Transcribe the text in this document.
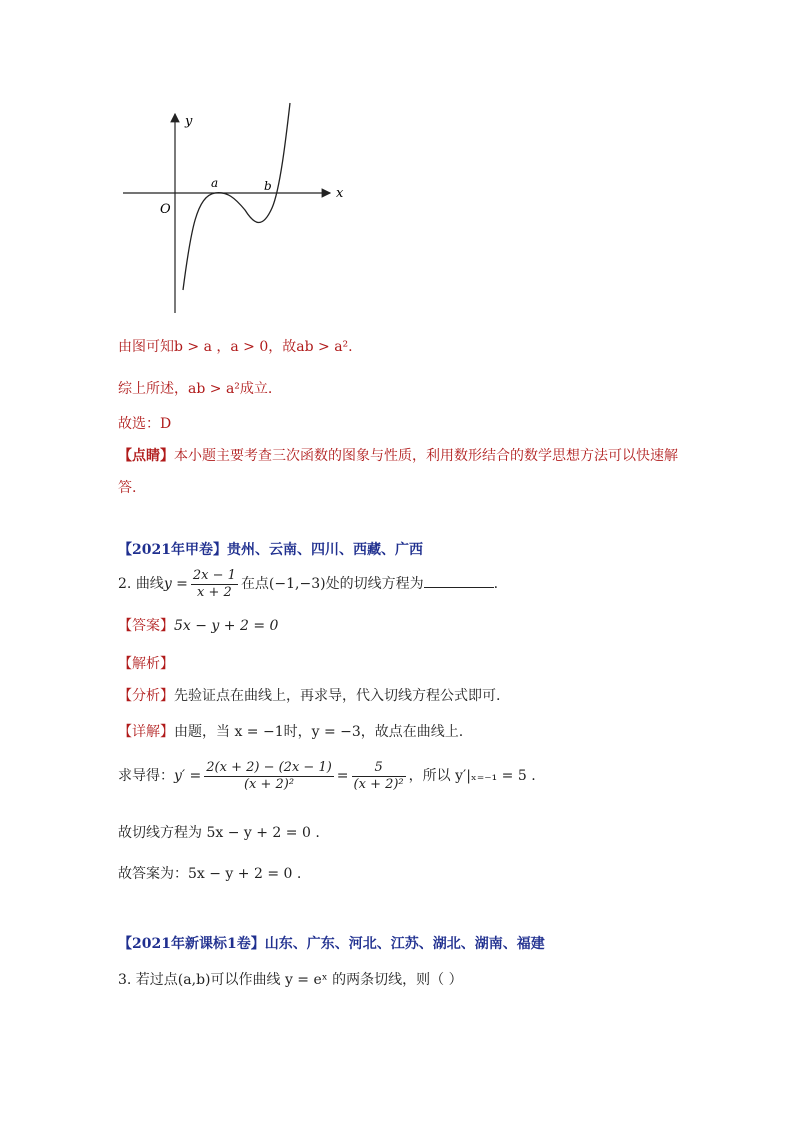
y
x
O
a	b
由图可知b > a ，a > 0，故ab > a².
综上所述，ab > a²成立.
故选：D
【点睛】本小题主要考查三次函数的图象与性质，利用数形结合的数学思想方法可以快速解
答.
【2021年甲卷】贵州、云南、四川、西藏、广西
2. 曲线$y = \frac{2x - 1}{x + 2}$ 在点(−1,−3)处的切线方程为	.
【答案】5x − y + 2 = 0
【解析】
【分析】先验证点在曲线上，再求导，代入切线方程公式即可.
【详解】由题，当 x = −1时，y = −3，故点在曲线上.
求导得：$y' = \frac{2(x + 2) - (2x - 1)}{\text{(x + 2)²}} = \frac{5}{\text{(x + 2)²}}$ ，所以 y′|ₓ₌₋₁ = 5 .
故切线方程为 5x − y + 2 = 0 .
故答案为：5x − y + 2 = 0 .
【2021年新课标1卷】山东、广东、河北、江苏、湖北、湖南、福建
3. 若过点(a,b)可以作曲线 y = eˣ 的两条切线，则（ ）
